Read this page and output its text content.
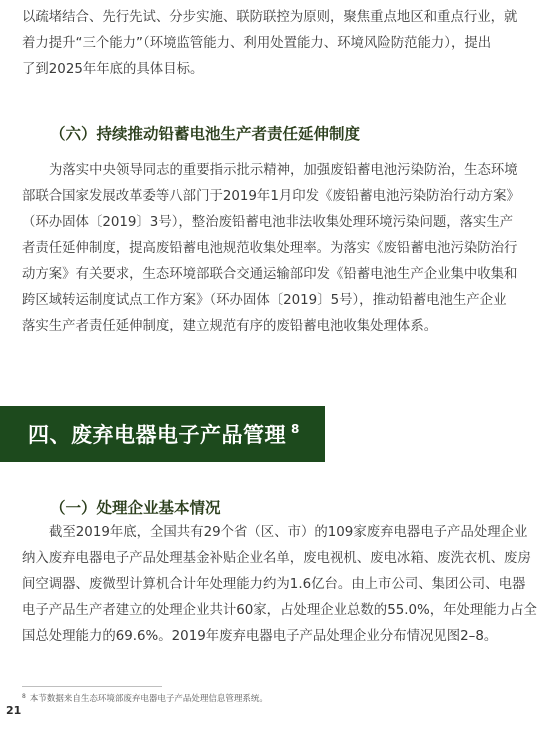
以疏堵结合、先行先试、分步实施、联防联控为原则，聚焦重点地区和重点行业，就
着力提升“三个能力”（环境监管能力、利用处置能力、环境风险防范能力），提出
了到2025年年底的具体目标。
（六）持续推动铅蓄电池生产者责任延伸制度
为落实中央领导同志的重要指示批示精神，加强废铅蓄电池污染防治，生态环境
部联合国家发展改革委等八部门于2019年1月印发《废铅蓄电池污染防治行动方案》
（环办固体〔2019〕3号），整治废铅蓄电池非法收集处理环境污染问题，落实生产
者责任延伸制度，提高废铅蓄电池规范收集处理率。为落实《废铅蓄电池污染防治行
动方案》有关要求，生态环境部联合交通运输部印发《铅蓄电池生产企业集中收集和
跨区域转运制度试点工作方案》（环办固体〔2019〕5号），推动铅蓄电池生产企业
落实生产者责任延伸制度，建立规范有序的废铅蓄电池收集处理体系。
四、废弃电器电子产品管理 $^8$
（一）处理企业基本情况
截至2019年底，全国共有29个省（区、市）的109家废弃电器电子产品处理企业
纳入废弃电器电子产品处理基金补贴企业名单，废电视机、废电冰箱、废洗衣机、废房
间空调器、废微型计算机合计年处理能力约为1.6亿台。由上市公司、集团公司、电器
电子产品生产者建立的处理企业共计60家，占处理企业总数的55.0%，年处理能力占全
国总处理能力的69.6%。2019年废弃电器电子产品处理企业分布情况见图2–8。
$^8$ 本节数据来自生态环境部废弃电器电子产品处理信息管理系统。
21
